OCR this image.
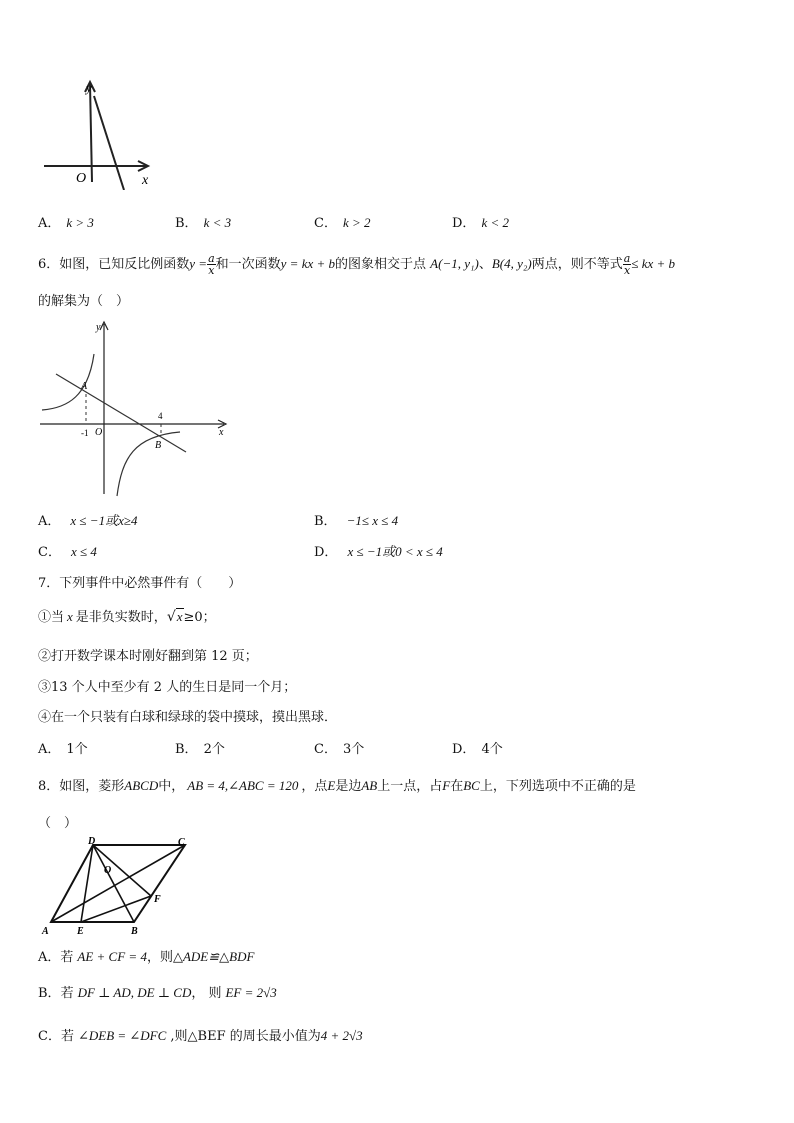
y
O	x
A． k > 3	B． k < 3	C． k > 2	D． k < 2
6．如图，已知反比例函数$y = \frac{a}{x}$ 和一次函数y = kx + b的图象相交于点 A(−1, y₁)、B(4, y₂)两点，则不等式 $\frac{a}{x}$ ≤ kx + b
的解集为（　）
y
x
O
A
B
-1
4
A． x ≤ −1或x≥4	B． −1≤ x ≤ 4
C． x ≤ 4	D． x ≤ −1或0 < x ≤ 4
7．下列事件中必然事件有（　　）
①当 x 是非负实数时，√x≥0；
②打开数学课本时刚好翻到第 12 页；
③13 个人中至少有 2 人的生日是同一个月；
④在一个只装有白球和绿球的袋中摸球，摸出黑球．
A． 1个	B． 2个	C． 3个	D． 4个
8．如图，菱形ABCD中， AB = 4,∠ABC = 120 ，点E是边AB上一点，占F在BC上，下列选项中不正确的是
（　）
D	C
A	E	B
F
O
A．若 AE + CF = 4，则△ADE≌△BDF
B．若 DF ⊥ AD, DE ⊥ CD， 则 EF = 2√3
C．若 ∠DEB = ∠DFC ,则△BEF 的周长最小值为4 + 2√3
